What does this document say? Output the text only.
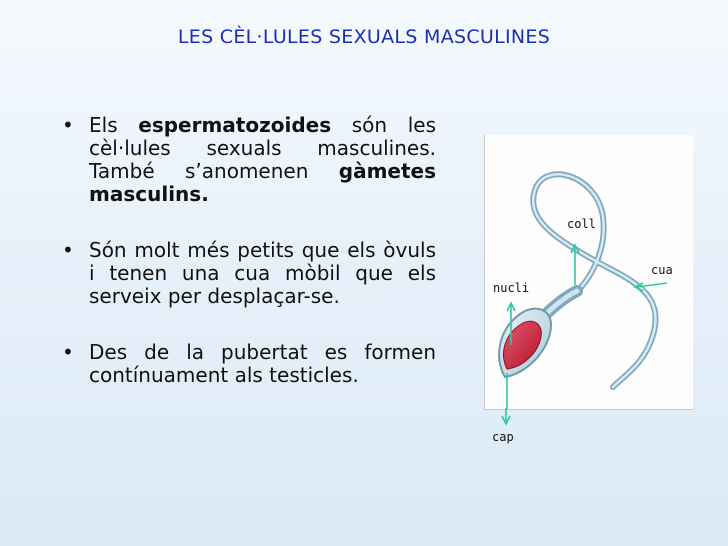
LES CÈL·LULES SEXUALS MASCULINES
• Els espermatozoides són les cèl·lules sexuals masculines. També s’anomenen gàmetes masculins.
• Són molt més petits que els òvuls i tenen una cua mòbil que els serveix per desplaçar-se.
• Des de la pubertat es formen contínuament als testicles.
coll
cua
nucli
cap
